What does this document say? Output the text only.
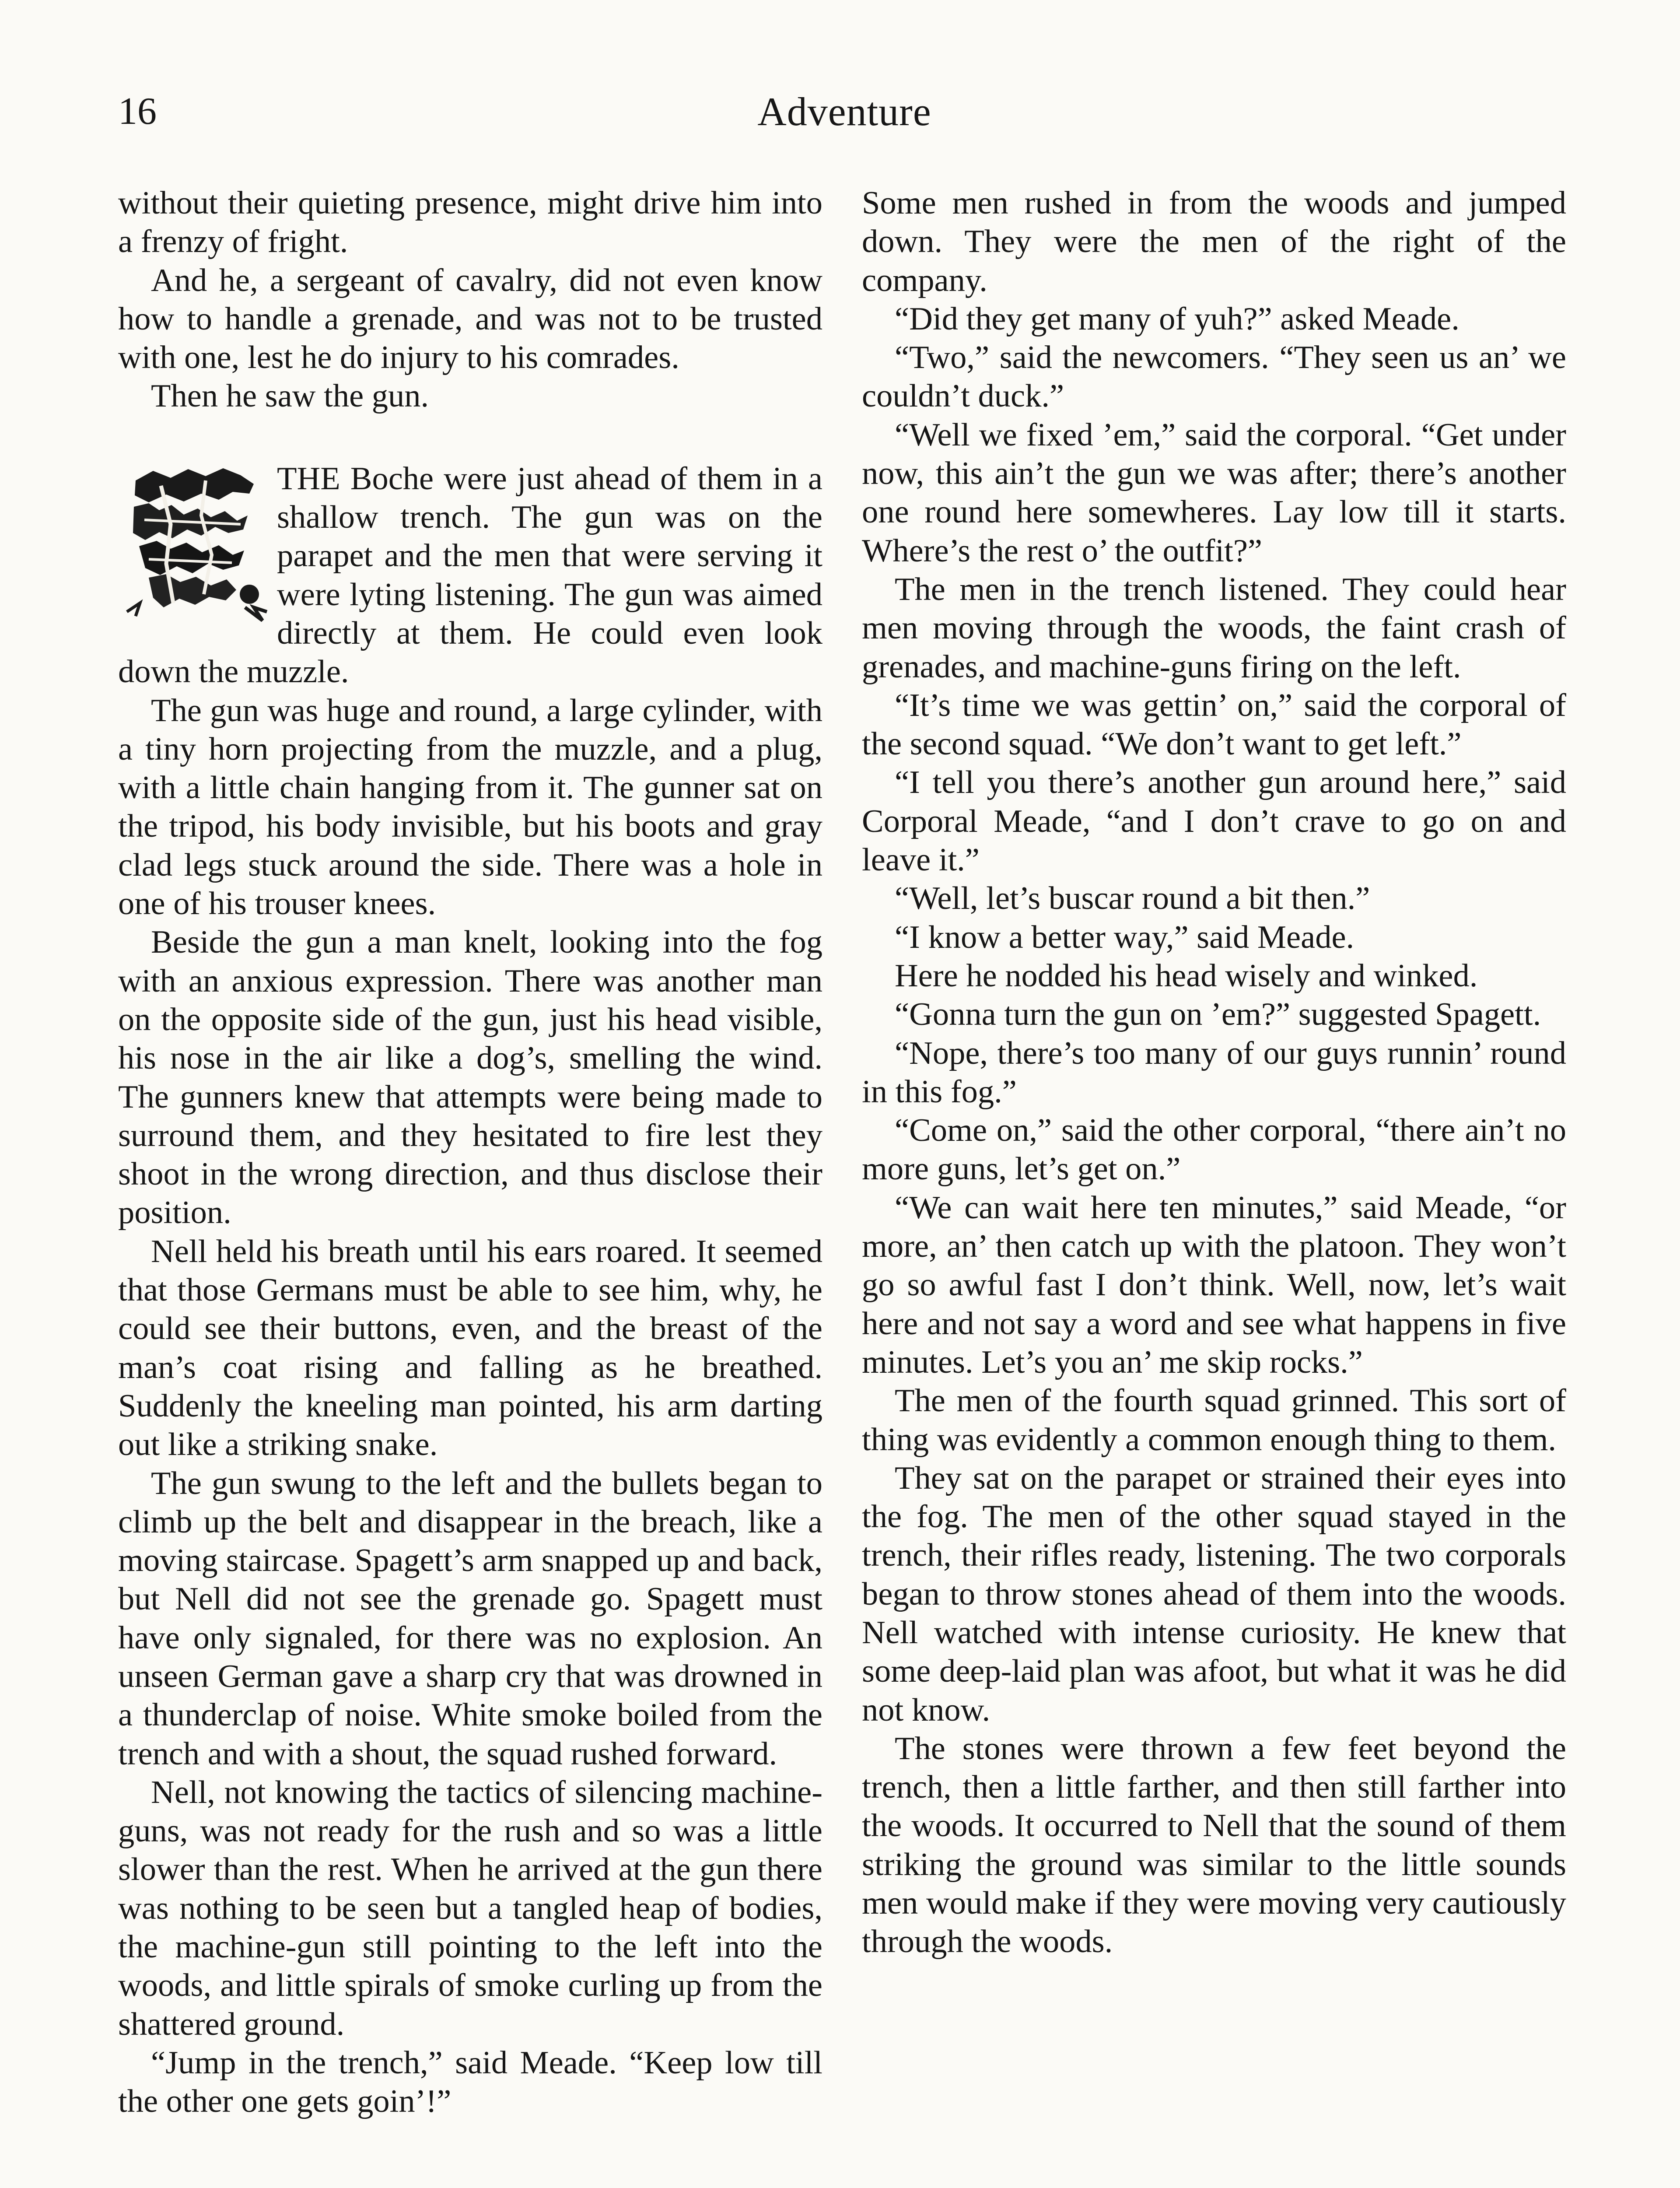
16	Adventure

without their quieting presence, might drive him into a frenzy of fright.

And he, a sergeant of cavalry, did not even know how to handle a grenade, and was not to be trusted with one, lest he do injury to his comrades.

Then he saw the gun.

THE Boche were just ahead of them in a shallow trench. The gun was on the parapet and the men that were serving it were lyting listening. The gun was aimed directly at them. He could even look down the muzzle.

The gun was huge and round, a large cylinder, with a tiny horn projecting from the muzzle, and a plug, with a little chain hanging from it. The gunner sat on the tripod, his body invisible, but his boots and gray clad legs stuck around the side. There was a hole in one of his trouser knees.

Beside the gun a man knelt, looking into the fog with an anxious expression. There was another man on the opposite side of the gun, just his head visible, his nose in the air like a dog’s, smelling the wind. The gunners knew that attempts were being made to surround them, and they hesitated to fire lest they shoot in the wrong direction, and thus disclose their position.

Nell held his breath until his ears roared. It seemed that those Germans must be able to see him, why, he could see their buttons, even, and the breast of the man’s coat rising and falling as he breathed. Suddenly the kneeling man pointed, his arm darting out like a striking snake.

The gun swung to the left and the bullets began to climb up the belt and disappear in the breach, like a moving staircase. Spagett’s arm snapped up and back, but Nell did not see the grenade go. Spagett must have only signaled, for there was no explosion. An unseen German gave a sharp cry that was drowned in a thunderclap of noise. White smoke boiled from the trench and with a shout, the squad rushed forward.

Nell, not knowing the tactics of silencing machine-guns, was not ready for the rush and so was a little slower than the rest. When he arrived at the gun there was nothing to be seen but a tangled heap of bodies, the machine-gun still pointing to the left into the woods, and little spirals of smoke curling up from the shattered ground.

“Jump in the trench,” said Meade. “Keep low till the other one gets goin’!”

Some men rushed in from the woods and jumped down. They were the men of the right of the company.

“Did they get many of yuh?” asked Meade.

“Two,” said the newcomers. “They seen us an’ we couldn’t duck.”

“Well we fixed ’em,” said the corporal. “Get under now, this ain’t the gun we was after; there’s another one round here somewheres. Lay low till it starts. Where’s the rest o’ the outfit?”

The men in the trench listened. They could hear men moving through the woods, the faint crash of grenades, and machine-guns firing on the left.

“It’s time we was gettin’ on,” said the corporal of the second squad. “We don’t want to get left.”

“I tell you there’s another gun around here,” said Corporal Meade, “and I don’t crave to go on and leave it.”

“Well, let’s buscar round a bit then.”

“I know a better way,” said Meade.

Here he nodded his head wisely and winked.

“Gonna turn the gun on ’em?” suggested Spagett.

“Nope, there’s too many of our guys runnin’ round in this fog.”

“Come on,” said the other corporal, “there ain’t no more guns, let’s get on.”

“We can wait here ten minutes,” said Meade, “or more, an’ then catch up with the platoon. They won’t go so awful fast I don’t think. Well, now, let’s wait here and not say a word and see what happens in five minutes. Let’s you an’ me skip rocks.”

The men of the fourth squad grinned. This sort of thing was evidently a common enough thing to them.

They sat on the parapet or strained their eyes into the fog. The men of the other squad stayed in the trench, their rifles ready, listening. The two corporals began to throw stones ahead of them into the woods. Nell watched with intense curiosity. He knew that some deep-laid plan was afoot, but what it was he did not know.

The stones were thrown a few feet beyond the trench, then a little farther, and then still farther into the woods. It occurred to Nell that the sound of them striking the ground was similar to the little sounds men would make if they were moving very cautiously through the woods.
